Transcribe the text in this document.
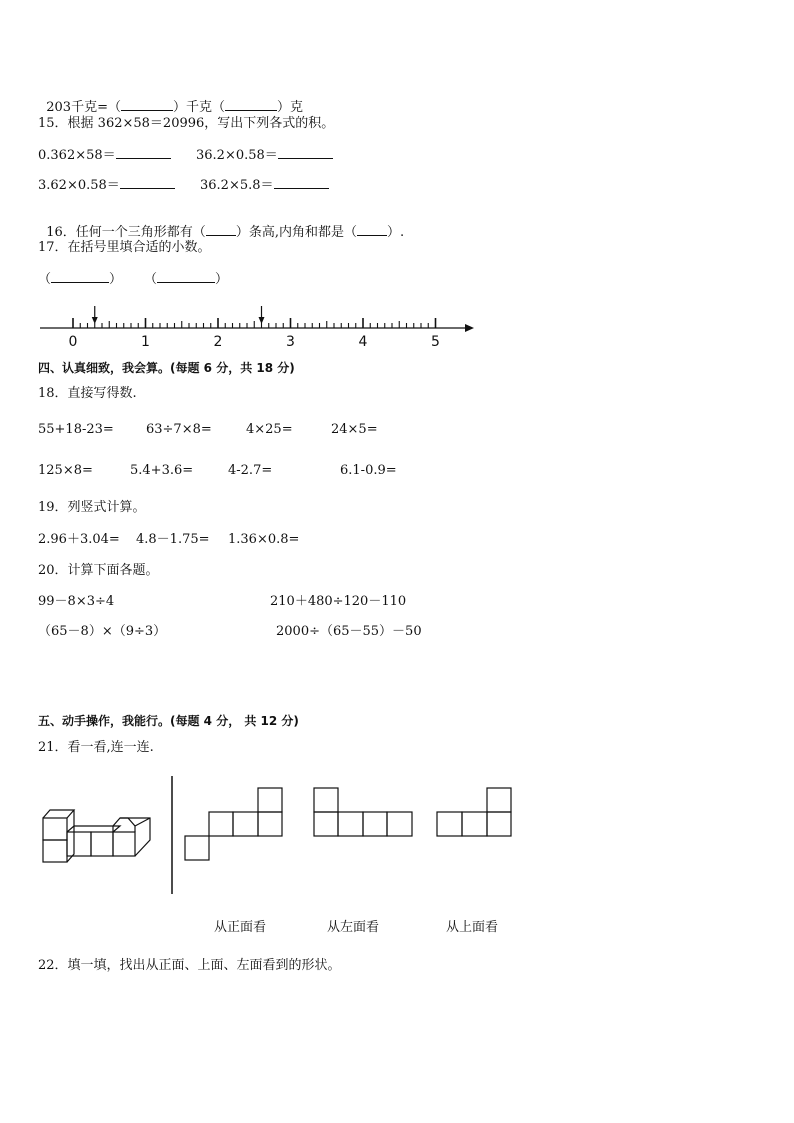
203千克=（	）千克（	）克

15．根据 362×58＝20996，写出下列各式的积。
0.362×58＝	36.2×0.58＝
3.62×0.58＝	36.2×5.8＝

16．任何一个三角形都有（ ）条高,内角和都是（ ）.

17．在括号里填合适的小数。
（	） （	）
0	1	2	3	4	5
四、认真细致，我会算。(每题 6 分，共 18 分)
18．直接写得数.
55+18-23= 63÷7×8=	4×25=	24×5=
125×8=	5.4+3.6=	4-2.7=	6.1-0.9=
19．列竖式计算。
2.96＋3.04= 4.8－1.75= 1.36×0.8=
20．计算下面各题。
99－8×3÷4	210＋480÷120－110
（65－8）×（9÷3）	2000÷（65－55）－50
五、动手操作，我能行。(每题 4 分， 共 12 分)
21．看一看,连一连.
从正面看	从左面看	从上面看
22．填一填，找出从正面、上面、左面看到的形状。
